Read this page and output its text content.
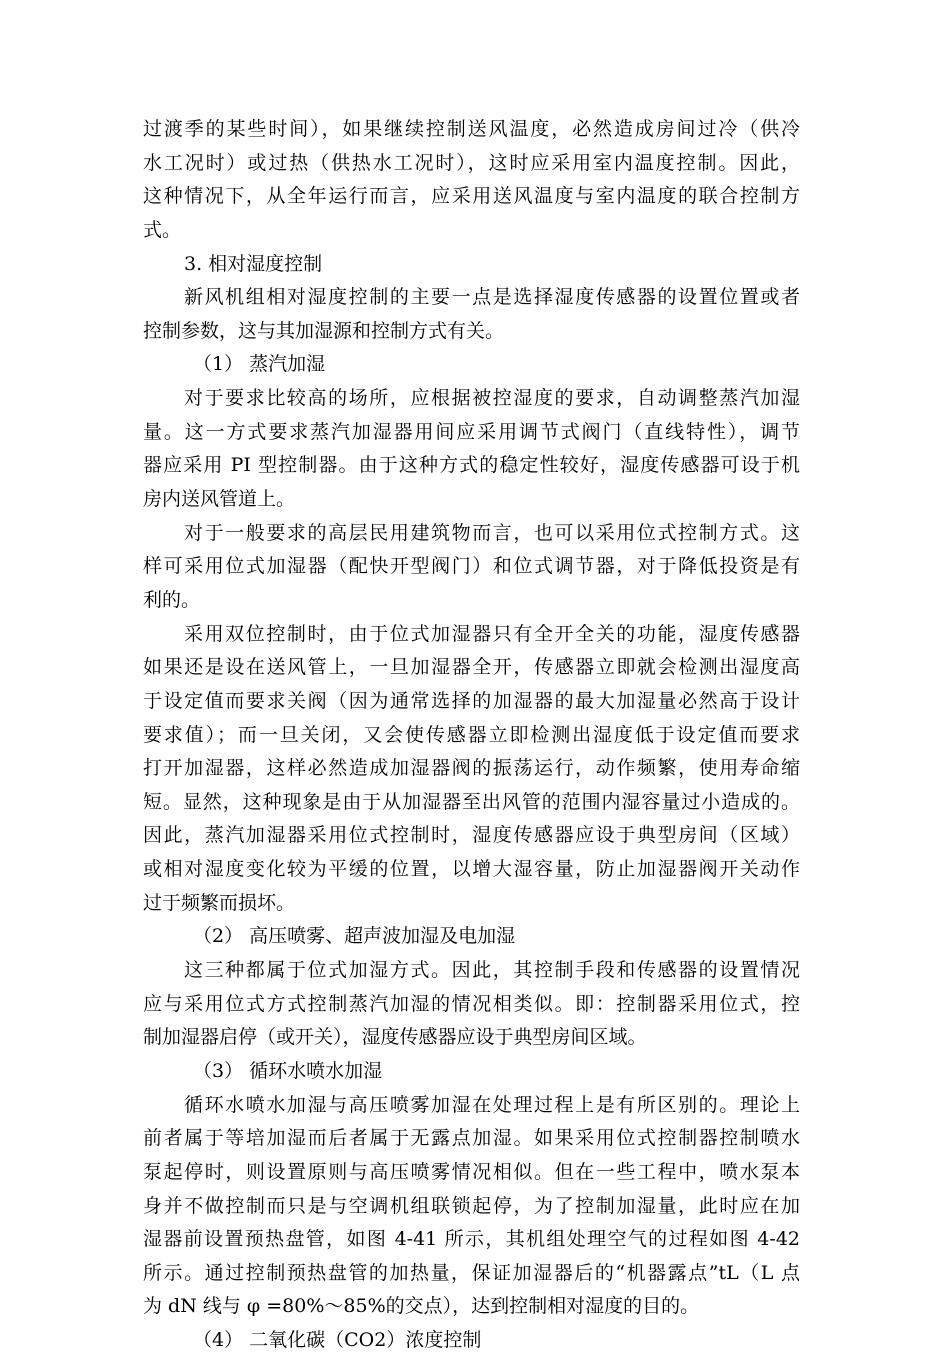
过渡季的某些时间），如果继续控制送风温度，必然造成房间过冷（供冷
水工况时）或过热（供热水工况时），这时应采用室内温度控制。因此，
这种情况下，从全年运行而言，应采用送风温度与室内温度的联合控制方
式。
3. 相对湿度控制
新风机组相对湿度控制的主要一点是选择湿度传感器的设置位置或者
控制参数，这与其加湿源和控制方式有关。
（1） 蒸汽加湿
对于要求比较高的场所，应根据被控湿度的要求，自动调整蒸汽加湿
量。这一方式要求蒸汽加湿器用间应采用调节式阀门（直线特性），调节
器应采用 PI 型控制器。由于这种方式的稳定性较好，湿度传感器可设于机
房内送风管道上。
对于一般要求的高层民用建筑物而言，也可以采用位式控制方式。这
样可采用位式加湿器（配快开型阀门）和位式调节器，对于降低投资是有
利的。
采用双位控制时，由于位式加湿器只有全开全关的功能，湿度传感器
如果还是设在送风管上，一旦加湿器全开，传感器立即就会检测出湿度高
于设定值而要求关阀（因为通常选择的加湿器的最大加湿量必然高于设计
要求值）；而一旦关闭，又会使传感器立即检测出湿度低于设定值而要求
打开加湿器，这样必然造成加湿器阀的振荡运行，动作频繁，使用寿命缩
短。显然，这种现象是由于从加湿器至出风管的范围内湿容量过小造成的。
因此，蒸汽加湿器采用位式控制时，湿度传感器应设于典型房间（区域）
或相对湿度变化较为平缓的位置，以增大湿容量，防止加湿器阀开关动作
过于频繁而损坏。
（2） 高压喷雾、超声波加湿及电加湿
这三种都属于位式加湿方式。因此，其控制手段和传感器的设置情况
应与采用位式方式控制蒸汽加湿的情况相类似。即：控制器采用位式，控
制加湿器启停（或开关），湿度传感器应设于典型房间区域。
（3） 循环水喷水加湿
循环水喷水加湿与高压喷雾加湿在处理过程上是有所区别的。理论上
前者属于等培加湿而后者属于无露点加湿。如果采用位式控制器控制喷水
泵起停时，则设置原则与高压喷雾情况相似。但在一些工程中，喷水泵本
身并不做控制而只是与空调机组联锁起停，为了控制加湿量，此时应在加
湿器前设置预热盘管，如图 4-41 所示，其机组处理空气的过程如图 4-42
所示。通过控制预热盘管的加热量，保证加湿器后的“机器露点”tL（L 点
为 dN 线与 φ =80%～85%的交点），达到控制相对湿度的目的。
（4） 二氧化碳（CO2）浓度控制
